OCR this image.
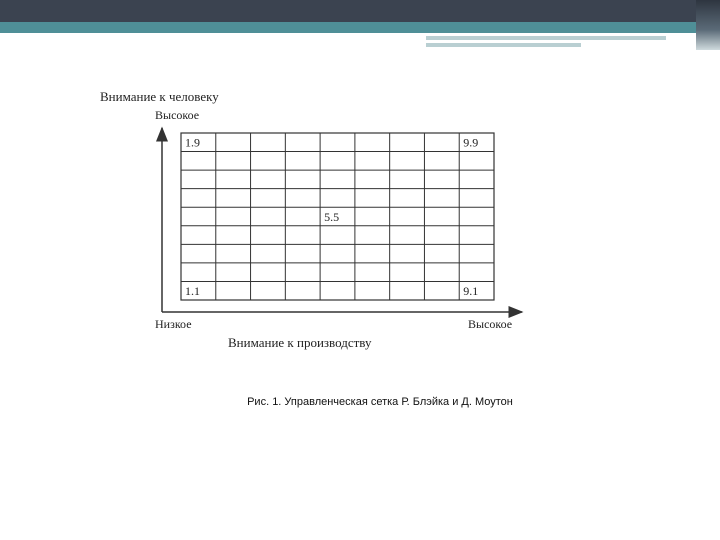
Внимание к человеку
Высокое
1.9	9.9
5.5
1.1	9.1
Низкое	Высокое
Внимание к производству
Рис. 1. Управленческая сетка Р. Блэйка и Д. Моутон
